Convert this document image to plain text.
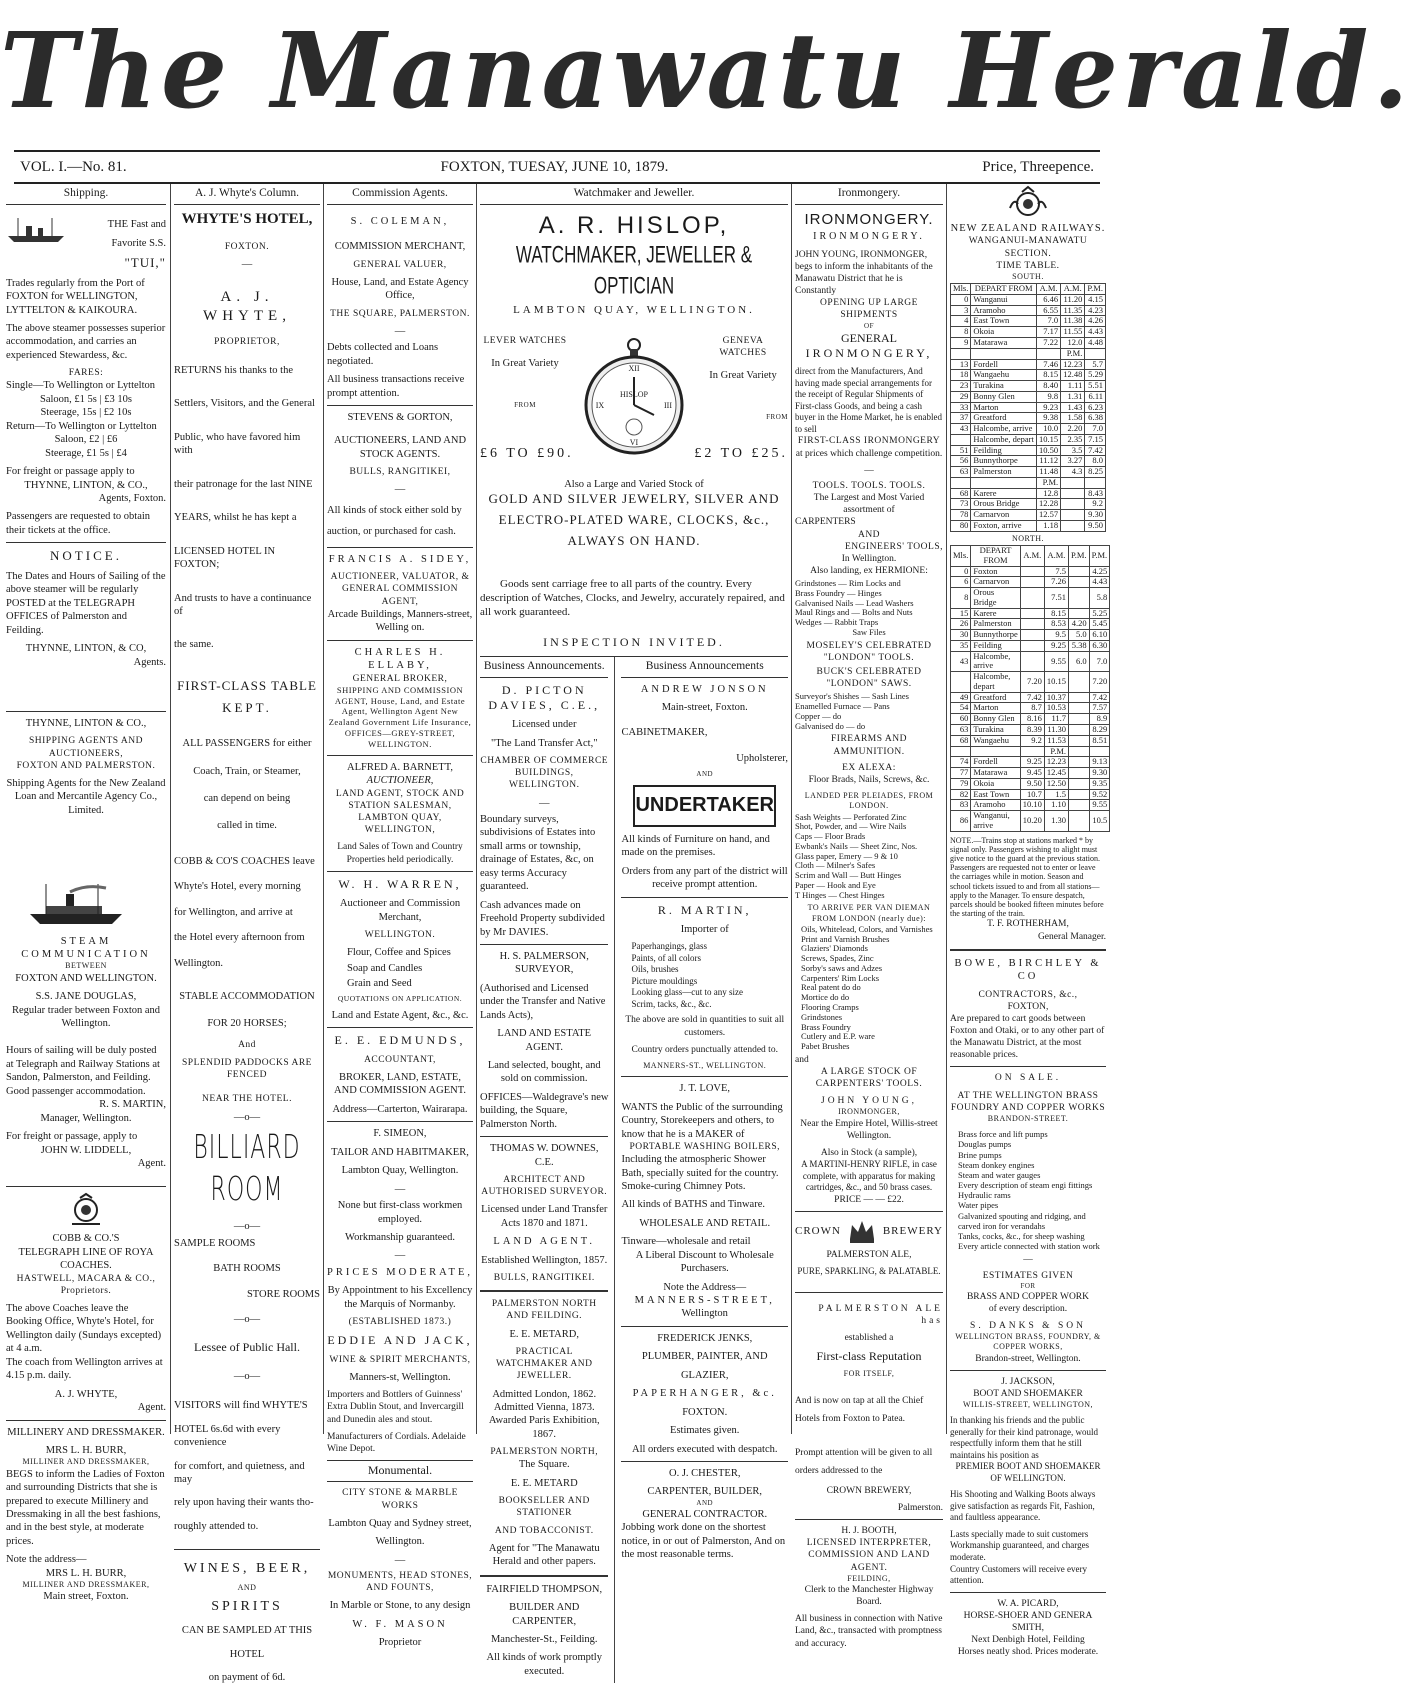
The Manawatu Herald.
VOL. I.—No. 81.	FOXTON, TUESAY, JUNE 10, 1879.	Price, Threepence.
Shipping.

THE Fast and

Favorite S.S.

"TUI,"

Trades regularly from the Port of

FOXTON for WELLINGTON,

LYTTELTON & KAIKOURA.

The above steamer possesses superior accommodation, and carries an experienced Stewardess, &c.

FARES:

Single—To Wellington or Lyttelton

Saloon, £1 5s | £3 10s

Steerage, 15s | £2 10s

Return—To Wellington or Lyttelton

Saloon, £2 | £6

Steerage, £1 5s | £4

For freight or passage apply to

THYNNE, LINTON, & CO.,

Agents, Foxton.

Passengers are requested to obtain their tickets at the office.

NOTICE.

The Dates and Hours of Sailing of the above steamer will be regularly POSTED at the TELEGRAPH OFFICES of Palmerston and Feilding.

THYNNE, LINTON, & CO,

Agents.

THYNNE, LINTON & CO.,

SHIPPING AGENTS AND AUCTIONEERS,

FOXTON AND PALMERSTON.

Shipping Agents for the New Zealand Loan and Mercantile Agency Co., Limited.

STEAM COMMUNICATION

BETWEEN

FOXTON AND WELLINGTON.

S.S. JANE DOUGLAS,

Regular trader between Foxton and Wellington.

Hours of sailing will be duly posted at Telegraph and Railway Stations at Sandon, Palmerston, and Feilding.

Good passenger accommodation.

R. S. MARTIN,

Manager, Wellington.

For freight or passage, apply to

JOHN W. LIDDELL,

Agent.

COBB & CO.'S

TELEGRAPH LINE OF ROYA COACHES.

HASTWELL, MACARA & CO.,

Proprietors.

The above Coaches leave the Booking Office, Whyte's Hotel, for Wellington daily (Sundays excepted) at 4 a.m.

The coach from Wellington arrives at 4.15 p.m. daily.

A. J. WHYTE,

Agent.

MILLINERY AND DRESSMAKER.

MRS L. H. BURR,

MILLINER AND DRESSMAKER,

BEGS to inform the Ladies of Foxton and surrounding Districts that she is prepared to execute Millinery and Dressmaking in all the best fashions, and in the best style, at moderate prices.

Note the address—

MRS L. H. BURR,

MILLINER AND DRESSMAKER,

Main street, Foxton.

A. J. Whyte's Column.

WHYTE'S HOTEL,

FOXTON.

—

A. J. WHYTE,

PROPRIETOR,

RETURNS his thanks to the

Settlers, Visitors, and the General

Public, who have favored him with

their patronage for the last NINE

YEARS, whilst he has kept a

LICENSED HOTEL IN FOXTON;

And trusts to have a continuance of

the same.

FIRST-CLASS TABLE

KEPT.

ALL PASSENGERS for either

Coach, Train, or Steamer,

can depend on being

called in time.

COBB & CO'S COACHES leave

Whyte's Hotel, every morning

for Wellington, and arrive at

the Hotel every afternoon from

Wellington.

STABLE ACCOMMODATION

FOR 20 HORSES;

And

SPLENDID PADDOCKS ARE FENCED

NEAR THE HOTEL.

—o—

BILLIARD ROOM

—o—

SAMPLE ROOMS

BATH ROOMS

STORE ROOMS

—o—

Lessee of Public Hall.

—o—

VISITORS will find WHYTE'S

HOTEL 6s.6d with every convenience

for comfort, and quietness, and may

rely upon having their wants tho-

roughly attended to.

WINES, BEER,

AND

SPIRITS

CAN BE SAMPLED AT THIS

HOTEL

on payment of 6d.

Commission Agents.

S. COLEMAN,

COMMISSION MERCHANT,

GENERAL VALUER,

House, Land, and Estate Agency Office,

THE SQUARE, PALMERSTON.

—

Debts collected and Loans negotiated.

All business transactions receive prompt attention.

STEVENS & GORTON,

AUCTIONEERS, LAND AND STOCK AGENTS.

BULLS, RANGITIKEI,

—

All kinds of stock either sold by auction, or purchased for cash.

FRANCIS A. SIDEY,

AUCTIONEER, VALUATOR, & GENERAL COMMISSION AGENT,

Arcade Buildings, Manners-street, Welling on.

CHARLES H. ELLABY,

GENERAL BROKER,

SHIPPING AND COMMISSION AGENT, House, Land, and Estate Agent, Wellington Agent New Zealand Government Life Insurance,

OFFICES—GREY-STREET, WELLINGTON.

ALFRED A. BARNETT,

AUCTIONEER,

LAND AGENT, STOCK AND STATION SALESMAN,

LAMBTON QUAY, WELLINGTON,

Land Sales of Town and Country Properties held periodically.

W. H. WARREN,

Auctioneer and Commission Merchant,

WELLINGTON.

Flour, Coffee and Spices

Soap and Candles

Grain and Seed

QUOTATIONS ON APPLICATION.

Land and Estate Agent, &c., &c.

E. E. EDMUNDS,

ACCOUNTANT,

BROKER, LAND, ESTATE, AND COMMISSION AGENT.

Address—Carterton, Wairarapa.

F. SIMEON,

TAILOR AND HABITMAKER,

Lambton Quay, Wellington.

—

None but first-class workmen employed.

Workmanship guaranteed.

—

PRICES MODERATE,

By Appointment to his Excellency the Marquis of Normanby.

(ESTABLISHED 1873.)

EDDIE AND JACK,

WINE & SPIRIT MERCHANTS,

Manners-st, Wellington.

Importers and Bottlers of Guinness' Extra Dublin Stout, and Invercargill and Dunedin ales and stout.

Manufacturers of Cordials. Adelaide Wine Depot.

Monumental.

CITY STONE & MARBLE WORKS

Lambton Quay and Sydney street,

Wellington.

—

MONUMENTS, HEAD STONES, AND FOUNTS,

In Marble or Stone, to any design

W. F. MASON

Proprietor

Watchmaker and Jeweller.

A. R. HISLOP,

WATCHMAKER, JEWELLER & OPTICIAN

LAMBTON QUAY, WELLINGTON.

LEVER WATCHES

In Great Variety

FROM

XII
III
VI
IX
HISLOP

GENEVA WATCHES

In Great Variety

FROM

£6 TO £90.	£2 TO £25.

Also a Large and Varied Stock of

GOLD AND SILVER JEWELRY, SILVER AND

ELECTRO-PLATED WARE, CLOCKS, &c.,

ALWAYS ON HAND.

Goods sent carriage free to all parts of the country. Every description of Watches, Clocks, and Jewelry, accurately repaired, and all work guaranteed.

INSPECTION INVITED.

Business Announcements.

D. PICTON DAVIES, C.E.,

Licensed under

"The Land Transfer Act,"

CHAMBER OF COMMERCE BUILDINGS, WELLINGTON.

—

Boundary surveys, subdivisions of Estates into small arms or township, drainage of Estates, &c, on easy terms Accuracy guaranteed.

Cash advances made on Freehold Property subdivided by Mr DAVIES.

H. S. PALMERSON, SURVEYOR,

(Authorised and Licensed under the Transfer and Native Lands Acts),

LAND AND ESTATE AGENT.

Land selected, bought, and sold on commission.

OFFICES—Waldegrave's new building, the Square, Palmerston North.

THOMAS W. DOWNES, C.E.

ARCHITECT AND AUTHORISED SURVEYOR.

Licensed under Land Transfer Acts 1870 and 1871.

LAND AGENT.

Established Wellington, 1857.

BULLS, RANGITIKEI.

PALMERSTON NORTH AND FEILDING.

E. E. METARD,

PRACTICAL WATCHMAKER AND JEWELLER.

Admitted London, 1862.

Admitted Vienna, 1873.

Awarded Paris Exhibition, 1867.

PALMERSTON NORTH,

The Square.

E. E. METARD

BOOKSELLER AND STATIONER

AND TOBACCONIST.

Agent for "The Manawatu Herald and other papers.

FAIRFIELD THOMPSON,

BUILDER AND CARPENTER,

Manchester-St., Feilding.

All kinds of work promptly executed.

Business Announcements

ANDREW JONSON

Main-street, Foxton.

CABINETMAKER,

Upholsterer,

AND

UNDERTAKER

All kinds of Furniture on hand, and made on the premises.

Orders from any part of the district will receive prompt attention.

R. MARTIN,

Importer of

Paperhangings, glass

Paints, of all colors

Oils, brushes

Picture mouldings

Looking glass—cut to any size

Scrim, tacks, &c., &c.

The above are sold in quantities to suit all customers.

Country orders punctually attended to.

MANNERS-ST., WELLINGTON.

J. T. LOVE,

WANTS the Public of the surrounding Country, Storekeepers and others, to know that he is a MAKER of

PORTABLE WASHING BOILERS,

Including the atmospheric Shower Bath, specially suited for the country. Smoke-curing Chimney Pots.

All kinds of BATHS and Tinware.

WHOLESALE AND RETAIL.

Tinware—wholesale and retail

A Liberal Discount to Wholesale Purchasers.

Note the Address—

MANNERS-STREET,

Wellington

FREDERICK JENKS,

PLUMBER, PAINTER, AND

GLAZIER,

PAPERHANGER, &c.

FOXTON.

Estimates given.

All orders executed with despatch.

O. J. CHESTER,

CARPENTER, BUILDER,

AND

GENERAL CONTRACTOR.

Jobbing work done on the shortest notice, in or out of Palmerston, And on the most reasonable terms.

Ironmongery.

IRONMONGERY.

IRONMONGERY.

JOHN YOUNG, IRONMONGER, begs to inform the inhabitants of the Manawatu District that he is Constantly

OPENING UP LARGE SHIPMENTS

OF

GENERAL

IRONMONGERY,

direct from the Manufacturers, And having made special arrangements for the receipt of Regular Shipments of First-class Goods, and being a cash buyer in the Home Market, he is enabled to sell

FIRST-CLASS IRONMONGERY

at prices which challenge competition.

—

TOOLS. TOOLS. TOOLS.

The Largest and Most Varied assortment of

CARPENTERS

AND

ENGINEERS' TOOLS,

In Wellington.

Also landing, ex HERMIONE:

Grindstones — Rim Locks and
Brass Foundry — Hinges
Galvanised Nails — Lead Washers
Maul Rings and — Bolts and Nuts
Wedges — Rabbit Traps
Saw Files

MOSELEY'S CELEBRATED "LONDON" TOOLS.

BUCK'S CELEBRATED "LONDON" SAWS.

Surveyor's Shishes — Sash Lines
Enamelled Furnace — Pans
Copper — do
Galvanised do — do

FIREARMS AND AMMUNITION.

EX ALEXA:

Floor Brads, Nails, Screws, &c.

LANDED PER PLEIADES, FROM LONDON.

Sash Weights — Perforated Zinc
Shot, Powder, and — Wire Nails
Caps — Floor Brads
Ewbank's Nails — Sheet Zinc, Nos.
Glass paper, Emery — 9 & 10
Cloth — Milner's Safes
Scrim and Wall — Butt Hinges
Paper — Hook and Eye
T Hinges — Chest Hinges

TO ARRIVE PER VAN DIEMAN FROM LONDON (nearly due):

Oils, Whitelead, Colors, and Varnishes
Print and Varnish Brushes
Glaziers' Diamonds
Screws, Spades, Zinc
Sorby's saws and Adzes
Carpenters' Rim Locks
Real patent do do
Mortice do do
Flooring Cramps
Grindstones
Brass Foundry
Cutlery and E.P. ware
Pabet Brushes

and

A LARGE STOCK OF CARPENTERS' TOOLS.

JOHN YOUNG,

IRONMONGER,

Near the Empire Hotel, Willis-street Wellington.

Also in Stock (a sample),

A MARTINI-HENRY RIFLE, in case complete, with apparatus for making cartridges, &c., and 50 brass cases.

PRICE — — £22.

CROWN	BREWERY

PALMERSTON ALE,

PURE, SPARKLING, & PALATABLE.

PALMERSTON ALE has

established a

First-class Reputation

FOR ITSELF,

And is now on tap at all the Chief Hotels from Foxton to Patea.

Prompt attention will be given to all orders addressed to the

CROWN BREWERY,

Palmerston.

H. J. BOOTH,

LICENSED INTERPRETER, COMMISSION AND LAND AGENT.

FEILDING,

Clerk to the Manchester Highway Board.

All business in connection with Native Land, &c., transacted with promptness and accuracy.

NEW ZEALAND RAILWAYS.

WANGANUI-MANAWATU SECTION.

TIME TABLE.

SOUTH.

Mls.	DEPART FROM	A.M.	A.M.	P.M.
0	Wanganui	6.46	11.20	4.15
3	Aramoho	6.55	11.35	4.23
4	East Town	7.0	11.38	4.26
8	Okoia	7.17	11.55	4.43
9	Matarawa	7.22	12.0	4.48
			P.M.	
13	Fordell	7.46	12.23	5.7
18	Wangaehu	8.15	12.48	5.29
23	Turakina	8.40	1.11	5.51
29	Bonny Glen	9.8	1.31	6.11
33	Marton	9.23	1.43	6.23
37	Greatford	9.38	1.58	6.38
43	Halcombe, arrive	10.0	2.20	7.0
	Halcombe, depart	10.15	2.35	7.15
51	Feilding	10.50	3.5	7.42
56	Bunnythorpe	11.12	3.27	8.0
63	Palmerston	11.48	4.3	8.25
		P.M.		
68	Karere	12.8		8.43
73	Orous Bridge	12.28		9.2
78	Carnarvon	12.57		9.30
80	Foxton, arrive	1.18		9.50

NORTH.

Mls.	DEPART FROM	A.M.	A.M.	P.M.	P.M.
0	Foxton		7.5		4.25
6	Carnarvon		7.26		4.43
8	Orous Bridge		7.51		5.8
15	Karere		8.15		5.25
26	Palmerston		8.53	4.20	5.45
30	Bunnythorpe		9.5	5.0	6.10
35	Feilding		9.25	5.38	6.30
43	Halcombe, arrive		9.55	6.0	7.0
	Halcombe, depart	7.20	10.15		7.20
49	Greatford	7.42	10.37		7.42
54	Marton	8.7	10.53		7.57
60	Bonny Glen	8.16	11.7		8.9
63	Turakina	8.39	11.30		8.29
68	Wangaehu	9.2	11.53		8.51
			P.M.		
74	Fordell	9.25	12.23		9.13
77	Matarawa	9.45	12.45		9.30
79	Okoia	9.50	12.50		9.35
82	East Town	10.7	1.5		9.52
83	Aramoho	10.10	1.10		9.55
86	Wanganui, arrive	10.20	1.30		10.5

NOTE.—Trains stop at stations marked * by signal only. Passengers wishing to alight must give notice to the guard at the previous station. Passengers are requested not to enter or leave the carriages while in motion. Season and school tickets issued to and from all stations—apply to the Manager. To ensure despatch, parcels should be booked fifteen minutes before the starting of the train.

T. F. ROTHERHAM,

General Manager.

BOWE, BIRCHLEY & CO

CONTRACTORS, &c.,

FOXTON,

Are prepared to cart goods between Foxton and Otaki, or to any other part of the Manawatu District, at the most reasonable prices.

ON SALE.

AT THE WELLINGTON BRASS FOUNDRY AND COPPER WORKS

BRANDON-STREET.

Brass force and lift pumps
Douglas pumps
Brine pumps
Steam donkey engines
Steam and water gauges
Every description of steam engi fittings
Hydraulic rams
Water pipes
Galvanized spouting and ridging, and carved iron for verandahs
Tanks, cocks, &c., for sheep washing
Every article connected with station work

—

ESTIMATES GIVEN

FOR

BRASS AND COPPER WORK

of every description.

S. DANKS & SON

WELLINGTON BRASS, FOUNDRY, & COPPER WORKS,

Brandon-street, Wellington.

J. JACKSON,

BOOT AND SHOEMAKER

WILLIS-STREET, WELLINGTON,

In thanking his friends and the public generally for their kind patronage, would respectfully inform them that he still maintains his position as

PREMIER BOOT AND SHOEMAKER OF WELLINGTON.

His Shooting and Walking Boots always give satisfaction as regards Fit, Fashion, and faultless appearance.

Lasts specially made to suit customers Workmanship guaranteed, and charges moderate.

Country Customers will receive every attention.

W. A. PICARD,

HORSE-SHOER AND GENERA SMITH,

Next Denbigh Hotel, Feilding

Horses neatly shod. Prices moderate.
